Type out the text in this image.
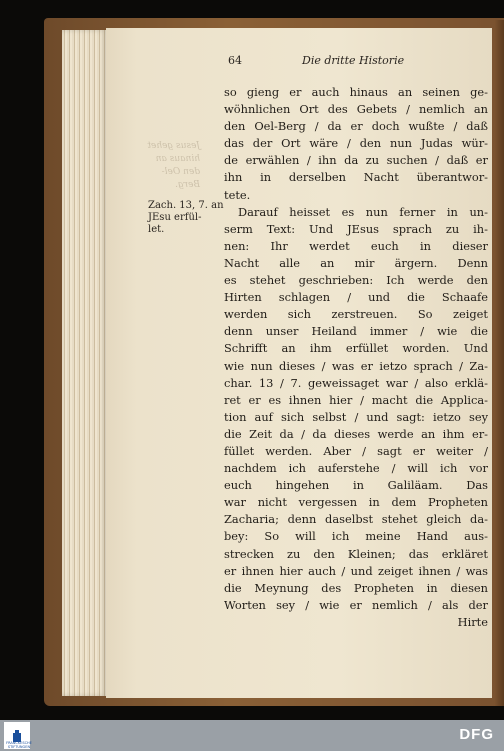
Jesus gehet
hinaus an
den Oel-Berg.
64	Die dritte Historie
Zach. 13, 7. an
JEsu erfül-
let.
so gieng er auch hinaus an seinen ge-
wöhnlichen Ort des Gebets / nemlich an
den Oel-Berg / da er doch wußte / daß
das der Ort wäre / den nun Judas wür-
de erwählen / ihn da zu suchen / daß er
ihn in derselben Nacht überantwor-
tete.
Darauf heisset es nun ferner in un-
serm Text: Und JEsus sprach zu ih-
nen: Ihr werdet euch in dieser
Nacht alle an mir ärgern. Denn
es stehet geschrieben: Ich werde den
Hirten schlagen / und die Schaafe
werden sich zerstreuen. So zeiget
denn unser Heiland immer / wie die
Schrifft an ihm erfüllet worden. Und
wie nun dieses / was er ietzo sprach / Za-
char. 13 / 7. geweissaget war / also erklä-
ret er es ihnen hier / macht die Applica-
tion auf sich selbst / und sagt: ietzo sey
die Zeit da / da dieses werde an ihm er-
füllet werden. Aber / sagt er weiter /
nachdem ich auferstehe / will ich vor
euch hingehen in Galiläam. Das
war nicht vergessen in dem Propheten
Zacharia; denn daselbst stehet gleich da-
bey: So will ich meine Hand aus-
strecken zu den Kleinen; das erkläret
er ihnen hier auch / und zeiget ihnen / was
die Meynung des Propheten in diesen
Worten sey / wie er nemlich / als der
Hirte
FRANCKESCHE
STIFTUNGEN
DFG
